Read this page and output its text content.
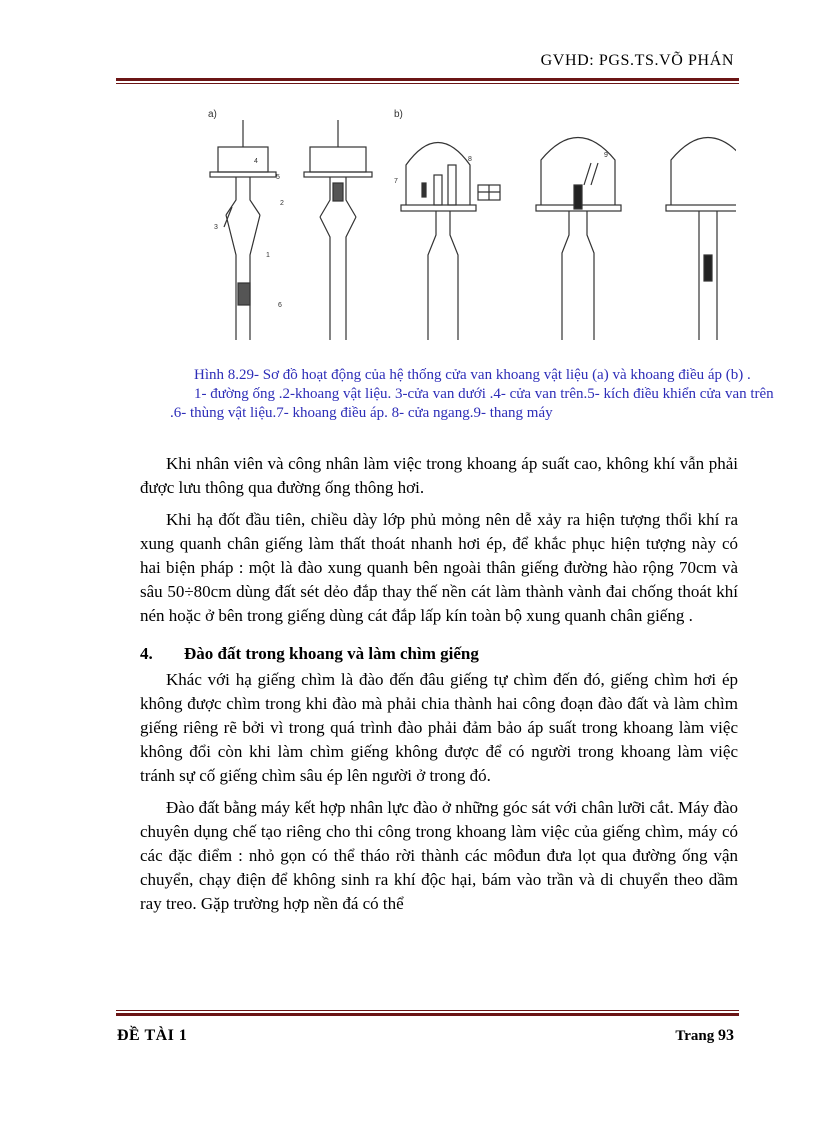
GVHD: PGS.TS.VÕ PHÁN
a)	b)
4
5
2
3
1
6
7
8
9

Hình 8.29- Sơ đồ hoạt động của hệ thống cửa van khoang vật liệu (a) và khoang điều áp (b) .

1- đường ống .2-khoang vật liệu. 3-cửa van dưới .4- cửa van trên.5- kích điều khiển cửa van trên .6- thùng vật liệu.7- khoang điều áp. 8- cửa ngang.9- thang máy

Khi nhân viên và công nhân làm việc trong khoang áp suất cao, không khí vẫn phải được lưu thông qua đường ống thông hơi.

Khi hạ đốt đầu tiên, chiều dày lớp phủ mỏng nên dễ xảy ra hiện tượng thổi khí ra xung quanh chân giếng làm thất thoát nhanh hơi ép, để khắc phục hiện tượng này có hai biện pháp : một là đào xung quanh bên ngoài thân giếng đường hào rộng 70cm và sâu 50÷80cm dùng đất sét dẻo đắp thay thế nền cát làm thành vành đai chống thoát khí nén hoặc ở bên trong giếng dùng cát đắp lấp kín toàn bộ xung quanh chân giếng .

4.	Đào đất trong khoang và làm chìm giếng

Khác với hạ giếng chìm là đào đến đâu giếng tự chìm đến đó, giếng chìm hơi ép không được chìm trong khi đào mà phải chia thành hai công đoạn đào đất và làm chìm giếng riêng rẽ bởi vì trong quá trình đào phải đảm bảo áp suất trong khoang làm việc không đổi còn khi làm chìm giếng không được để có người trong khoang làm việc tránh sự cố giếng chìm sâu ép lên người ở trong đó.

Đào đất bằng máy kết hợp nhân lực đào ở những góc sát với chân lưỡi cắt. Máy đào chuyên dụng chế tạo riêng cho thi công trong khoang làm việc của giếng chìm, máy có các đặc điểm : nhỏ gọn có thể tháo rời thành các môđun đưa lọt qua đường ống vận chuyển, chạy điện để không sinh ra khí độc hại, bám vào trần và di chuyển theo dầm ray treo. Gặp trường hợp nền đá có thể

ĐỀ TÀI 1	Trang 93
